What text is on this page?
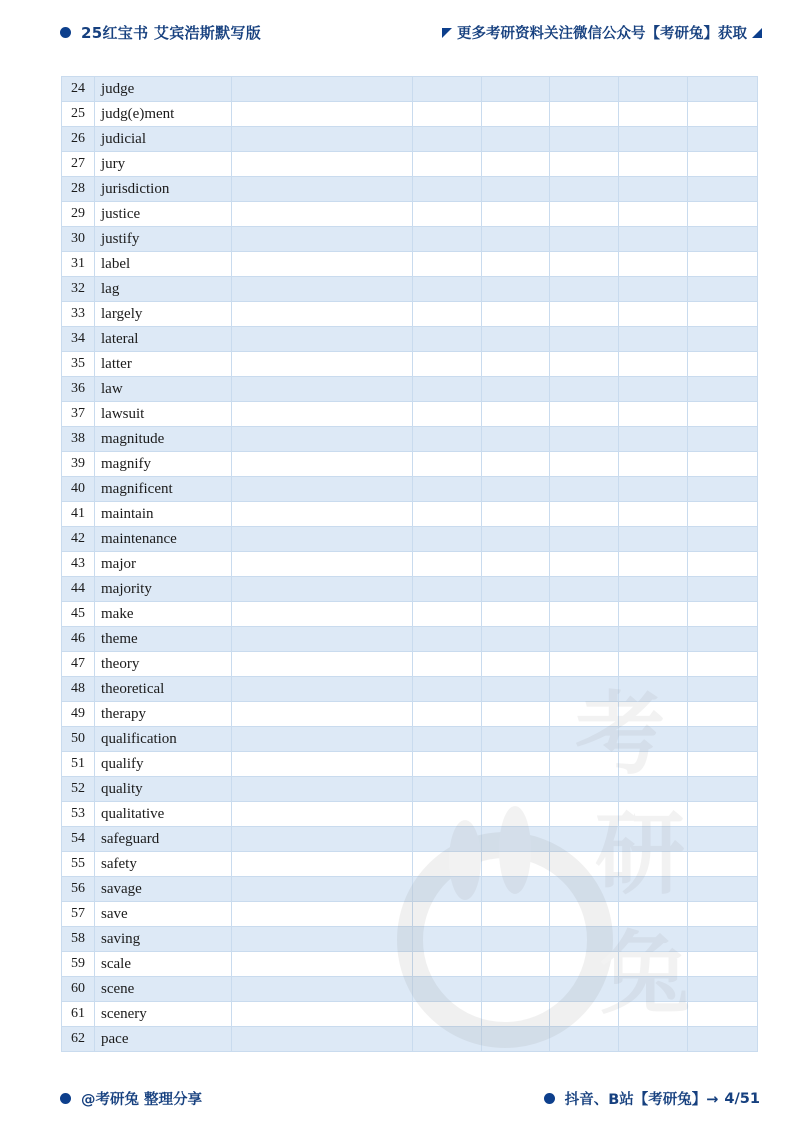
25红宝书 艾宾浩斯默写版	更多考研资料关注微信公众号【考研兔】获取
24	judge						
25	judg(e)ment						
26	judicial						
27	jury						
28	jurisdiction						
29	justice						
30	justify						
31	label						
32	lag						
33	largely						
34	lateral						
35	latter						
36	law						
37	lawsuit						
38	magnitude						
39	magnify						
40	magnificent						
41	maintain						
42	maintenance						
43	major						
44	majority						
45	make						
46	theme						
47	theory						
48	theoretical						
49	therapy						
50	qualification						
51	qualify						
52	quality						
53	qualitative						
54	safeguard						
55	safety						
56	savage						
57	save						
58	saving						
59	scale						
60	scene						
61	scenery						
62	pace						
@考研兔 整理分享	抖音、B站【考研兔】→ 4/51
